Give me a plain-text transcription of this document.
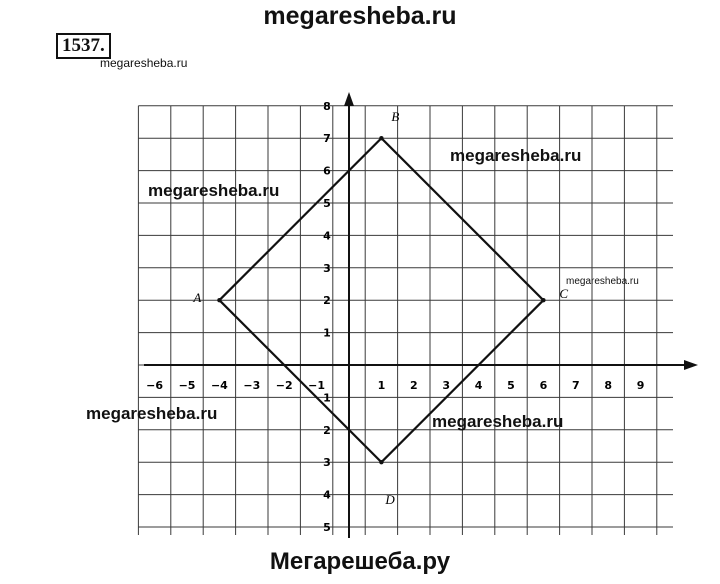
megaresheba.ru
1537.
megaresheba.ru
−6 −5 −4 −3 −2 −1	1 2 3 4 5 6 7 8 9
8
7
6
5
4
3
2
1
1
2
3
4
5
A
B
C
D
megaresheba.ru
megaresheba.ru
megaresheba.ru
megaresheba.ru	megaresheba.ru
Мегарешеба.ру
